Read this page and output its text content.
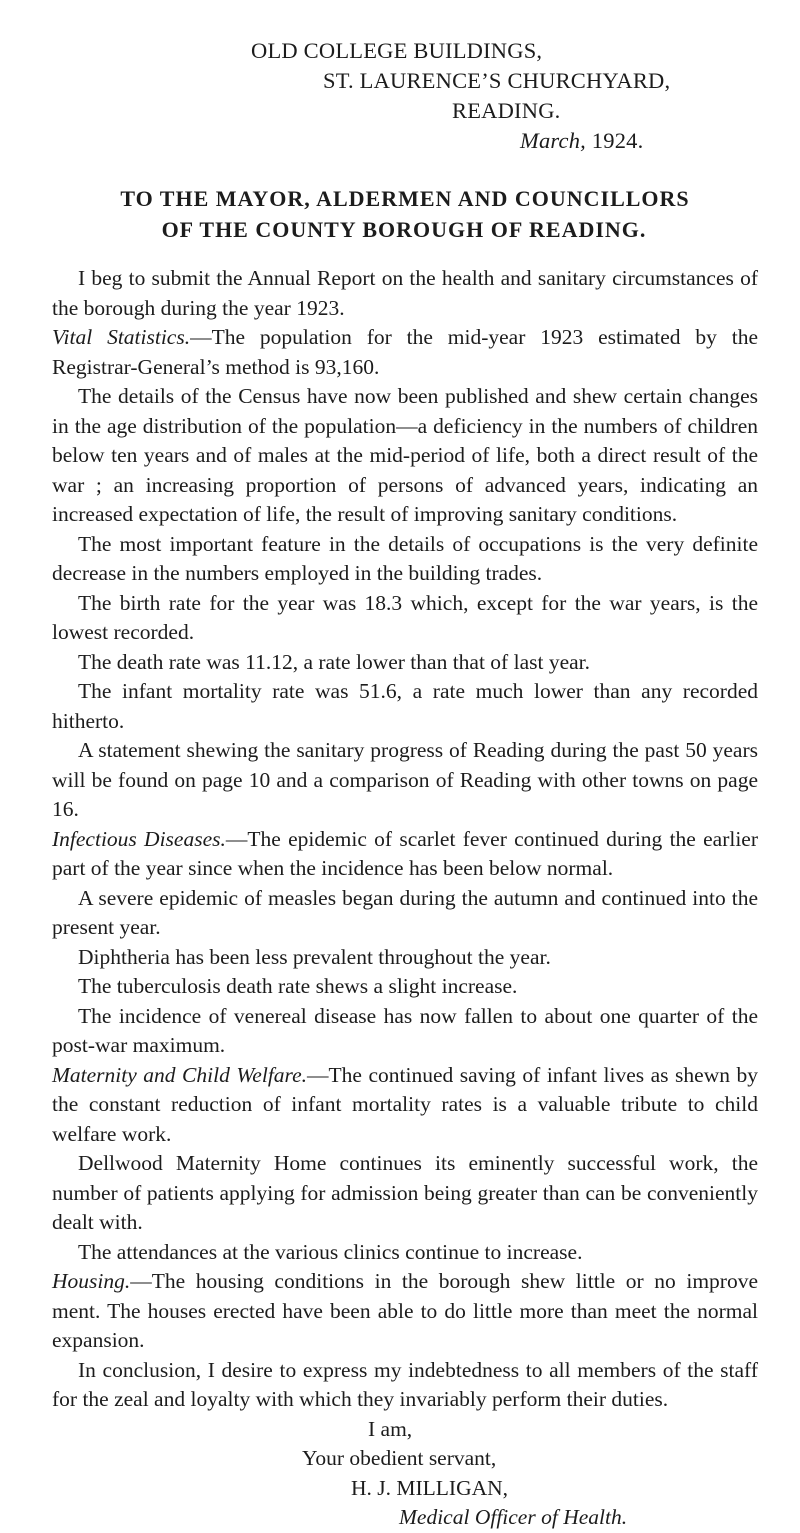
OLD COLLEGE BUILDINGS,

ST. LAURENCE’S CHURCHYARD,

READING.

March, 1924.

TO THE MAYOR, ALDERMEN AND COUNCILLORS
OF THE COUNTY BOROUGH OF READING.

I beg to submit the Annual Report on the health and sanitary circumstances of the borough during the year 1923.

Vital Statistics.—The population for the mid-year 1923 estimated by the Registrar-General’s method is 93,160.

The details of the Census have now been published and shew certain changes in the age distribution of the population—a deficiency in the numbers of children below ten years and of males at the mid-period of life, both a direct result of the war ; an increasing proportion of persons of advanced years, indicating an increased expectation of life, the result of improving sanitary conditions.

The most important feature in the details of occupations is the very definite decrease in the numbers employed in the building trades.

The birth rate for the year was 18.3 which, except for the war years, is the lowest recorded.

The death rate was 11.12, a rate lower than that of last year.

The infant mortality rate was 51.6, a rate much lower than any recorded hitherto.

A statement shewing the sanitary progress of Reading during the past 50 years will be found on page 10 and a comparison of Reading with other towns on page 16.

Infectious Diseases.—The epidemic of scarlet fever continued during the earlier part of the year since when the incidence has been below normal.

A severe epidemic of measles began during the autumn and continued into the present year.

Diphtheria has been less prevalent throughout the year.

The tuberculosis death rate shews a slight increase.

The incidence of venereal disease has now fallen to about one quarter of the post-war maximum.

Maternity and Child Welfare.—The continued saving of infant lives as shewn by the constant reduction of infant mortality rates is a valuable tribute to child welfare work.

Dellwood Maternity Home continues its eminently successful work, the number of patients applying for admission being greater than can be conveniently dealt with.

The attendances at the various clinics continue to increase.

Housing.—The housing conditions in the borough shew little or no improve ment. The houses erected have been able to do little more than meet the normal expansion.

In conclusion, I desire to express my indebtedness to all members of the staff for the zeal and loyalty with which they invariably perform their duties.

I am,

Your obedient servant,

H. J. MILLIGAN,

Medical Officer of Health.
